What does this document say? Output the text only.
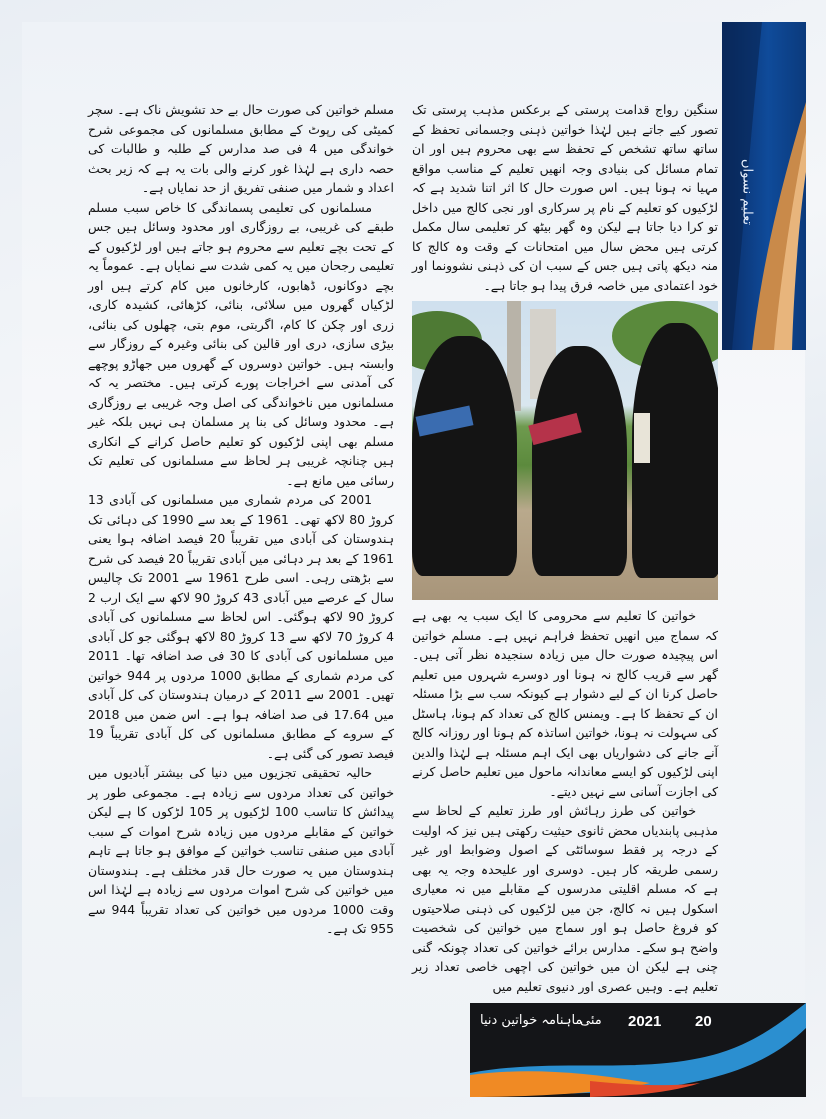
تعلیم نسواں

سنگین رواج قدامت پرستی کے برعکس مذہب پرستی تک تصور کیے جاتے ہیں لہٰذا خواتین ذہنی وجسمانی تحفظ کے ساتھ ساتھ تشخص کے تحفظ سے بھی محروم ہیں اور ان تمام مسائل کی بنیادی وجہ انھیں تعلیم کے مناسب مواقع مہیا نہ ہونا ہیں۔ اس صورت حال کا اثر اتنا شدید ہے کہ لڑکیوں کو تعلیم کے نام پر سرکاری اور نجی کالج میں داخل تو کرا دیا جاتا ہے لیکن وہ گھر بیٹھ کر تعلیمی سال مکمل کرتی ہیں محض سال میں امتحانات کے وقت وہ کالج کا منہ دیکھ پاتی ہیں جس کے سبب ان کی ذہنی نشوونما اور خود اعتمادی میں خاصہ فرق پیدا ہو جاتا ہے۔

خواتین کا تعلیم سے محرومی کا ایک سبب یہ بھی ہے کہ سماج میں انھیں تحفظ فراہم نہیں ہے۔ مسلم خواتین اس پیچیدہ صورت حال میں زیادہ سنجیدہ نظر آتی ہیں۔ گھر سے قریب کالج نہ ہونا اور دوسرے شہروں میں تعلیم حاصل کرنا ان کے لیے دشوار ہے کیونکہ سب سے بڑا مسئلہ ان کے تحفظ کا ہے۔ ویمنس کالج کی تعداد کم ہونا، ہاسٹل کی سہولت نہ ہونا، خواتین اساتذہ کم ہونا اور روزانہ کالج آنے جانے کی دشواریاں بھی ایک اہم مسئلہ ہے لہٰذا والدین اپنی لڑکیوں کو ایسے معاندانہ ماحول میں تعلیم حاصل کرنے کی اجازت آسانی سے نہیں دیتے۔

خواتین کی طرز رہائش اور طرز تعلیم کے لحاظ سے مذہبی پابندیاں محض ثانوی حیثیت رکھتی ہیں نیز کہ اولیت کے درجہ پر فقط سوسائٹی کے اصول وضوابط اور غیر رسمی طریقہ کار ہیں۔ دوسری اور علیحدہ وجہ یہ بھی ہے کہ مسلم اقلیتی مدرسوں کے مقابلے میں نہ معیاری اسکول ہیں نہ کالج، جن میں لڑکیوں کی ذہنی صلاحیتوں کو فروغ حاصل ہو اور سماج میں خواتین کی شخصیت واضح ہو سکے۔ مدارس برائے خواتین کی تعداد چونکہ گنی چنی ہے لیکن ان میں خواتین کی اچھی خاصی تعداد زیر تعلیم ہے۔ وہیں عصری اور دنیوی تعلیم میں

مسلم خواتین کی صورت حال بے حد تشویش ناک ہے۔ سچر کمیٹی کی رپوٹ کے مطابق مسلمانوں کی مجموعی شرح خواندگی میں 4 فی صد مدارس کے طلبہ و طالبات کی حصہ داری ہے لہٰذا غور کرنے والی بات یہ ہے کہ زیر بحث اعداد و شمار میں صنفی تفریق از حد نمایاں ہے۔

مسلمانوں کی تعلیمی پسماندگی کا خاص سبب مسلم طبقے کی غریبی، بے روزگاری اور محدود وسائل ہیں جس کے تحت بچے تعلیم سے محروم ہو جاتے ہیں اور لڑکیوں کے تعلیمی رجحان میں یہ کمی شدت سے نمایاں ہے۔ عموماً یہ بچے دوکانوں، ڈھابوں، کارخانوں میں کام کرتے ہیں اور لڑکیاں گھروں میں سلائی، بنائی، کڑھائی، کشیدہ کاری، زری اور چکن کا کام، اگربتی، موم بتی، چھلوں کی بنائی، بیڑی سازی، دری اور قالین کی بنائی وغیرہ کے روزگار سے وابستہ ہیں۔ خواتین دوسروں کے گھروں میں جھاڑو پوچھے کی آمدنی سے اخراجات پورے کرتی ہیں۔ مختصر یہ کہ مسلمانوں میں ناخواندگی کی اصل وجہ غریبی بے روزگاری ہے۔ محدود وسائل کی بنا پر مسلمان ہی نہیں بلکہ غیر مسلم بھی اپنی لڑکیوں کو تعلیم حاصل کرانے کے انکاری ہیں چنانچہ غریبی ہر لحاظ سے مسلمانوں کی تعلیم تک رسائی میں مانع ہے۔

2001 کی مردم شماری میں مسلمانوں کی آبادی 13 کروڑ 80 لاکھ تھی۔ 1961 کے بعد سے 1990 کی دہائی تک ہندوستان کی آبادی میں تقریباً 20 فیصد اضافہ ہوا یعنی 1961 کے بعد ہر دہائی میں آبادی تقریباً 20 فیصد کی شرح سے بڑھتی رہی۔ اسی طرح 1961 سے 2001 تک چالیس سال کے عرصے میں آبادی 43 کروڑ 90 لاکھ سے ایک ارب 2 کروڑ 90 لاکھ ہوگئی۔ اس لحاظ سے مسلمانوں کی آبادی 4 کروڑ 70 لاکھ سے 13 کروڑ 80 لاکھ ہوگئی جو کل آبادی میں مسلمانوں کی آبادی کا 30 فی صد اضافہ تھا۔ 2011 کی مردم شماری کے مطابق 1000 مردوں پر 944 خواتین تھیں۔ 2001 سے 2011 کے درمیان ہندوستان کی کل آبادی میں 17.64 فی صد اضافہ ہوا ہے۔ اس ضمن میں 2018 کے سروے کے مطابق مسلمانوں کی کل آبادی تقریباً 19 فیصد تصور کی گئی ہے۔

حالیہ تحقیقی تجزیوں میں دنیا کی بیشتر آبادیوں میں خواتین کی تعداد مردوں سے زیادہ ہے۔ مجموعی طور پر پیدائش کا تناسب 100 لڑکیوں پر 105 لڑکوں کا ہے لیکن خواتین کے مقابلے مردوں میں زیادہ شرح اموات کے سبب آبادی میں صنفی تناسب خواتین کے موافق ہو جاتا ہے تاہم ہندوستان میں یہ صورت حال قدر مختلف ہے۔ ہندوستان میں خواتین کی شرح اموات مردوں سے زیادہ ہے لہٰذا اس وقت 1000 مردوں میں خواتین کی تعداد تقریباً 944 سے 955 تک ہے۔

20
2021
مئی
ماہنامہ خواتین دنیا
